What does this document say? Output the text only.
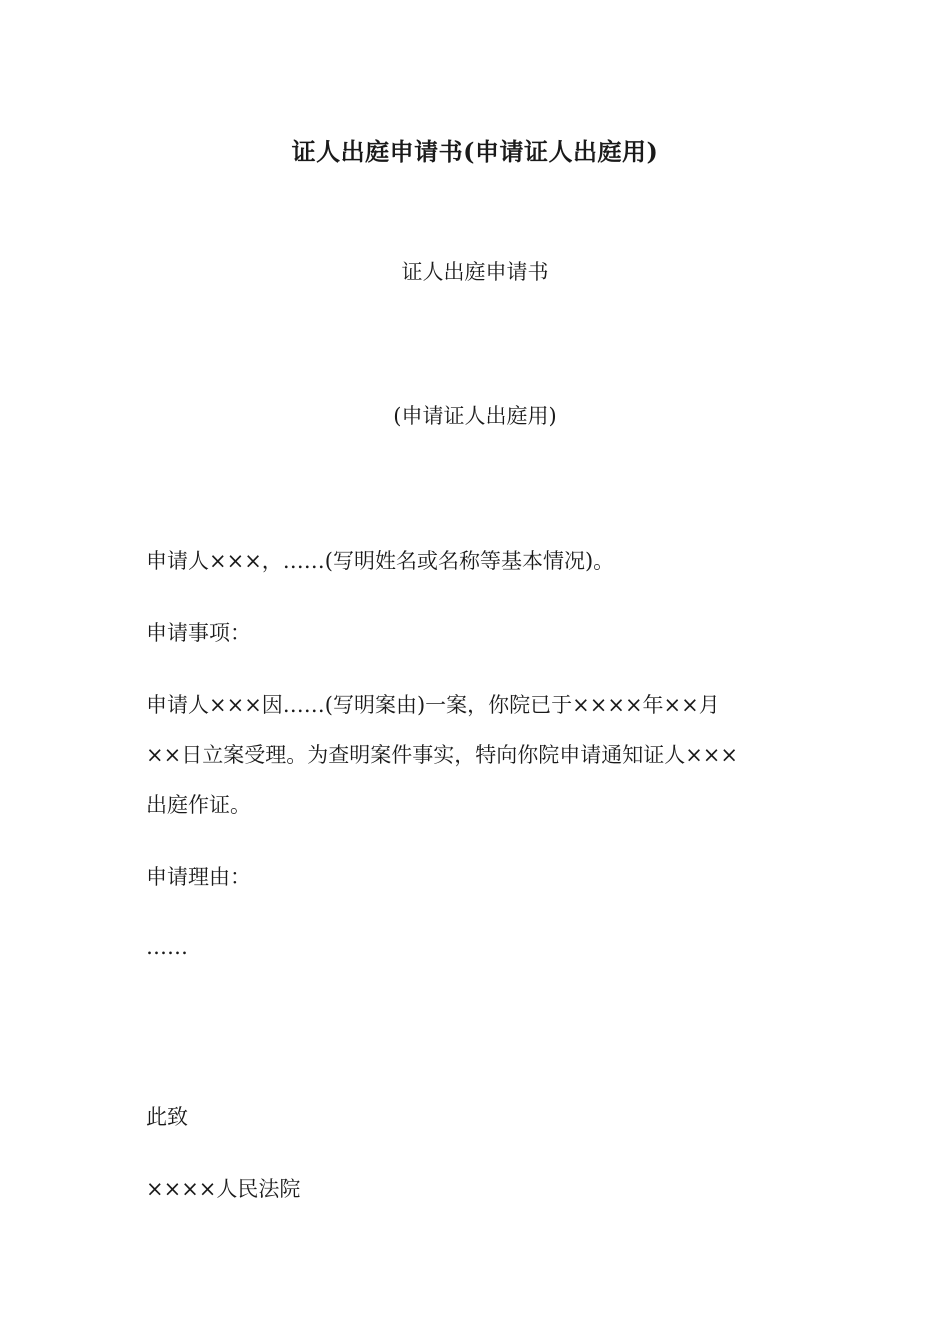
证人出庭申请书(申请证人出庭用)
证人出庭申请书
(申请证人出庭用)
申请人×××，……(写明姓名或名称等基本情况)。
申请事项：
申请人×××因……(写明案由)一案，你院已于××××年××月
××日立案受理。为查明案件事实，特向你院申请通知证人×××
出庭作证。
申请理由：
……
此致
××××人民法院
